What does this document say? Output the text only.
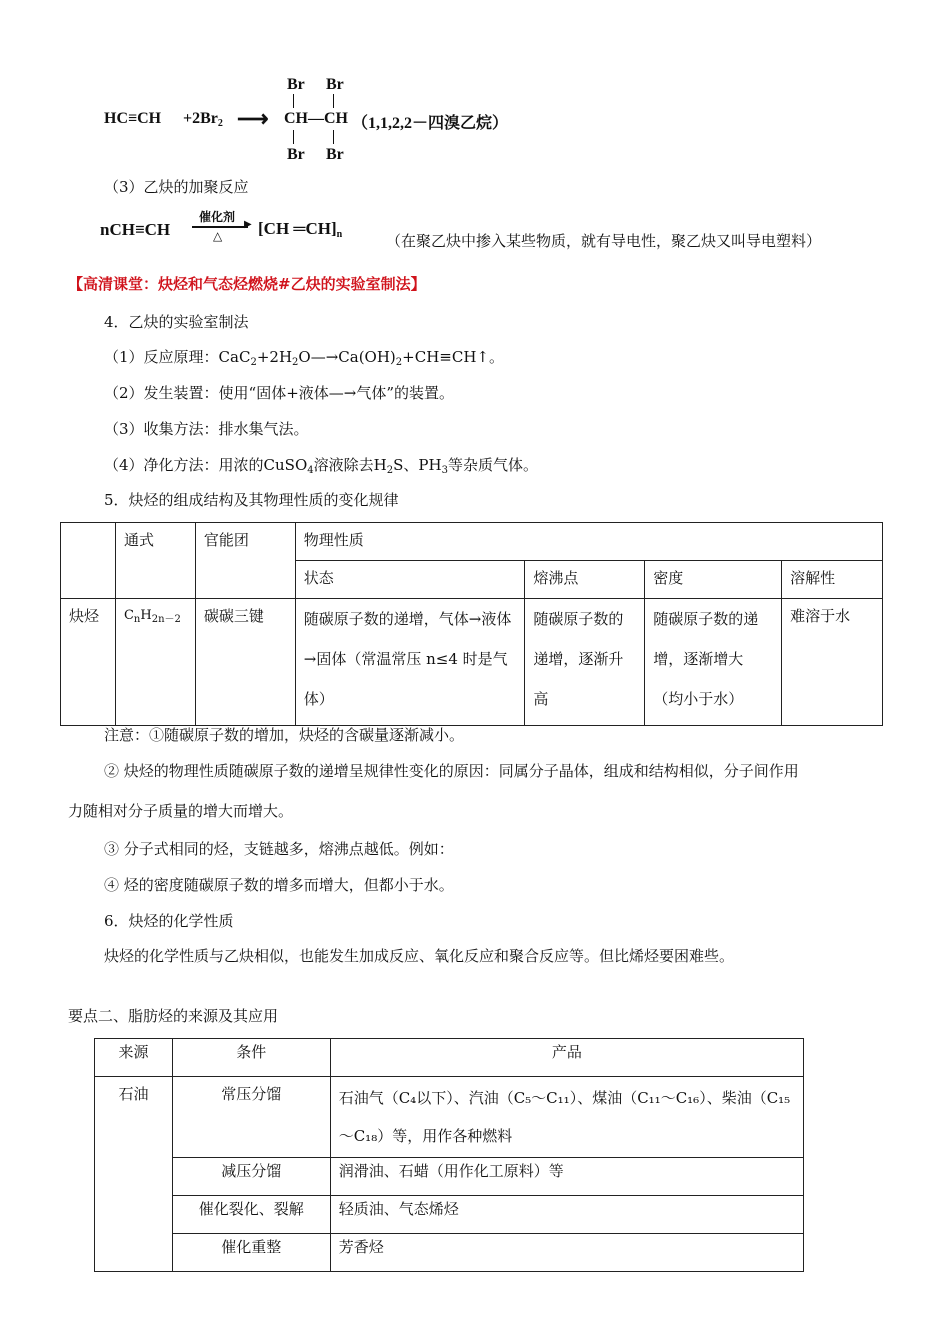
$HC\equiv CH +2Br_2$ ⟶
Br Br
CH—CH
Br Br
（1,1,2,2－四溴乙烷）
（3）乙炔的加聚反应
nCH≡CH
催化剂
▶
△ [CH $═CH]_n$	（在聚乙炔中掺入某些物质，就有导电性，聚乙炔又叫导电塑料）
【高清课堂：炔烃和气态烃燃烧#乙炔的实验室制法】
4．乙炔的实验室制法
（1）反应原理：$CaC_2+2H_2O—\to Ca(OH)_2+CH\equiv CH↑$。
（2）发生装置：使用“固体+液体—→气体”的装置。
（3）收集方法：排水集气法。
（4）净化方法：用浓的CuSO$_4$溶液除去$H_2S$、$PH_3$等杂质气体。
5．炔烃的组成结构及其物理性质的变化规律
	通式	官能团	物理性质			
			状态	熔沸点	密度	溶解性
炔烃	$C_nH_{2n-2}$	碳碳三键	随碳原子数的递增，气体→液体→固体（常温常压 n≤4 时是气体）	随碳原子数的递增，逐渐升高	随碳原子数的递增，逐渐增大（均小于水）	难溶于水
注意：①随碳原子数的增加，炔烃的含碳量逐渐减小。
② 炔烃的物理性质随碳原子数的递增呈规律性变化的原因：同属分子晶体，组成和结构相似，分子间作用
力随相对分子质量的增大而增大。
③ 分子式相同的烃，支链越多，熔沸点越低。例如：
④ 烃的密度随碳原子数的增多而增大，但都小于水。
6．炔烃的化学性质
炔烃的化学性质与乙炔相似，也能发生加成反应、氧化反应和聚合反应等。但比烯烃要困难些。
要点二、脂肪烃的来源及其应用
来源	条件	产品
石油	常压分馏	石油气（C₄以下）、汽油（C₅～C₁₁）、煤油（C₁₁～C₁₆）、柴油（C₁₅～C₁₈）等，用作各种燃料
	减压分馏	润滑油、石蜡（用作化工原料）等
	催化裂化、裂解	轻质油、气态烯烃
	催化重整	芳香烃
